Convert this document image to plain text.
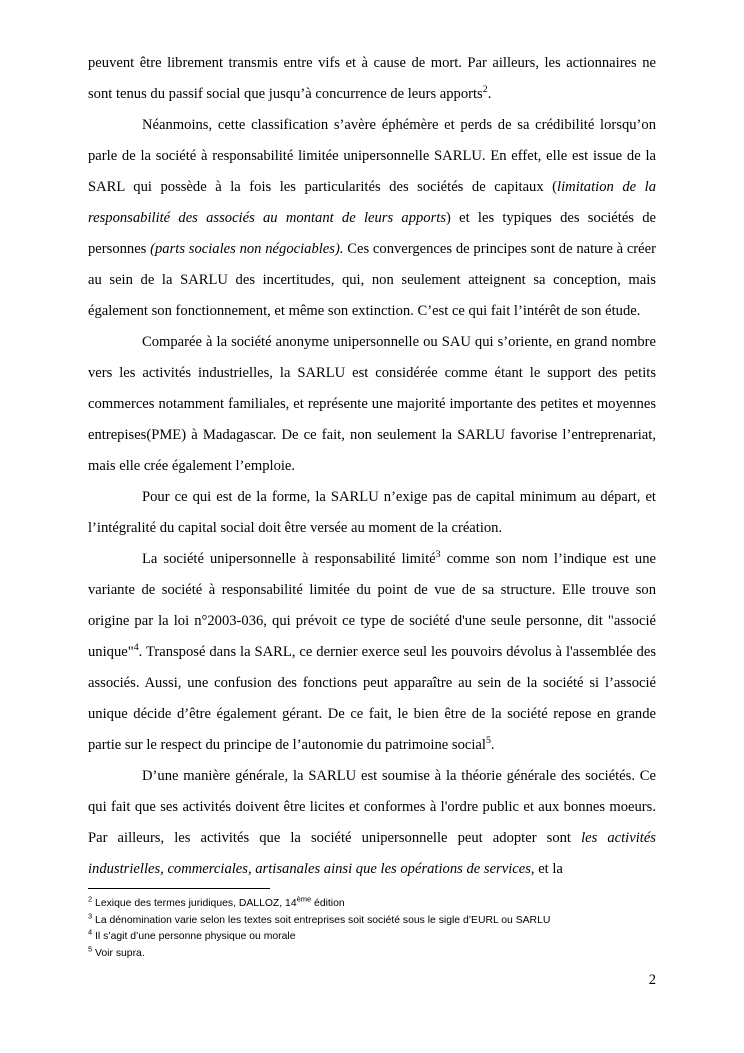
peuvent être librement transmis entre vifs et à cause de mort. Par ailleurs, les actionnaires ne sont tenus du passif social que jusqu’à concurrence de leurs apports$^2$.

Néanmoins, cette classification s’avère éphémère et perds de sa crédibilité lorsqu’on parle de la société à responsabilité limitée unipersonnelle SARLU. En effet, elle est issue de la SARL qui possède à la fois les particularités des sociétés de capitaux (limitation de la responsabilité des associés au montant de leurs apports) et les typiques des sociétés de personnes (parts sociales non négociables). Ces convergences de principes sont de nature à créer au sein de la SARLU des incertitudes, qui, non seulement atteignent sa conception, mais également son fonctionnement, et même son extinction. C’est ce qui fait l’intérêt de son étude.

Comparée à la société anonyme unipersonnelle ou SAU qui s’oriente, en grand nombre vers les activités industrielles, la SARLU est considérée comme étant le support des petits commerces notamment familiales, et représente une majorité importante des petites et moyennes entrepises(PME) à Madagascar. De ce fait, non seulement la SARLU favorise l’entreprenariat, mais elle crée également l’emploie.

Pour ce qui est de la forme, la SARLU n’exige pas de capital minimum au départ, et l’intégralité du capital social doit être versée au moment de la création.

La société unipersonnelle à responsabilité limité$^3$ comme son nom l’indique est une variante de société à responsabilité limitée du point de vue de sa structure. Elle trouve son origine par la loi n°2003-036, qui prévoit ce type de société d'une seule personne, dit "associé unique"$^4$. Transposé dans la SARL, ce dernier exerce seul les pouvoirs dévolus à l'assemblée des associés. Aussi, une confusion des fonctions peut apparaître au sein de la société si l’associé unique décide d’être également gérant. De ce fait, le bien être de la société repose en grande partie sur le respect du principe de l’autonomie du patrimoine social$^5$.

D’une manière générale, la SARLU est soumise à la théorie générale des sociétés. Ce qui fait que ses activités doivent être licites et conformes à l'ordre public et aux bonnes moeurs. Par ailleurs, les activités que la société unipersonnelle peut adopter sont les activités industrielles, commerciales, artisanales ainsi que les opérations de services, et la

$^2$ Lexique des termes juridiques, DALLOZ, 14ème édition
$^3$ La dénomination varie selon les textes soit entreprises soit société sous le sigle d’EURL ou SARLU
$^4$ Il s’agit d’une personne physique ou morale
$^5$ Voir supra.
2
